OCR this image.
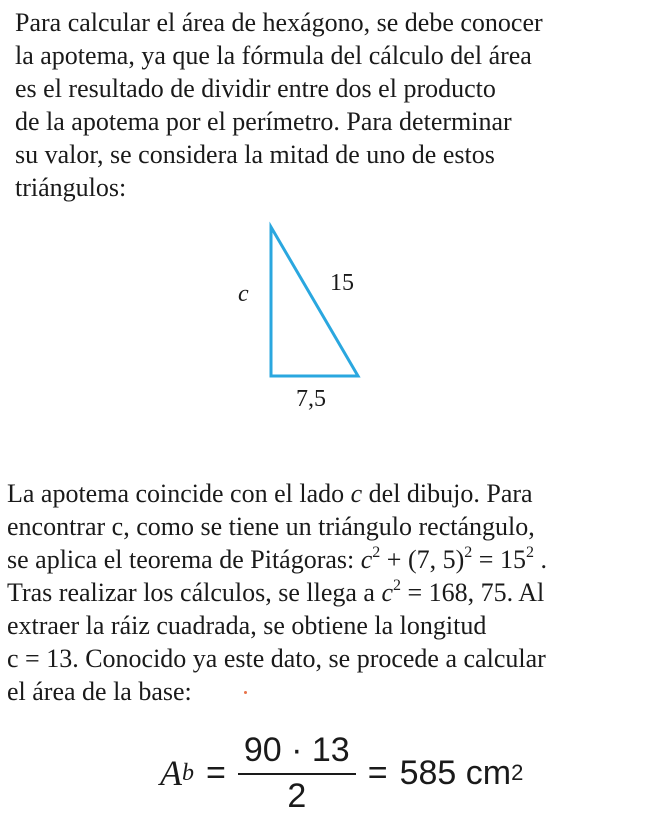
Para calcular el área de hexágono, se debe conocer
la apotema, ya que la fórmula del cálculo del área
es el resultado de dividir entre dos el producto
de la apotema por el perímetro. Para determinar
su valor, se considera la mitad de uno de estos
triángulos:
c	15
7,5
La apotema coincide con el lado c del dibujo. Para
encontrar c, como se tiene un triángulo rectángulo,
se aplica el teorema de Pitágoras: $c^2 + (7$, $5)^2 = 15^2$ .
Tras realizar los cálculos, se llega a $c^2 = 168$, 75. Al
extraer la ráiz cuadrada, se obtiene la longitud
c = 13. Conocido ya este dato, se procede a calcular
el área de la base:
A $b = \frac{90 \cdot 13}{2} = 585$ cm 2
